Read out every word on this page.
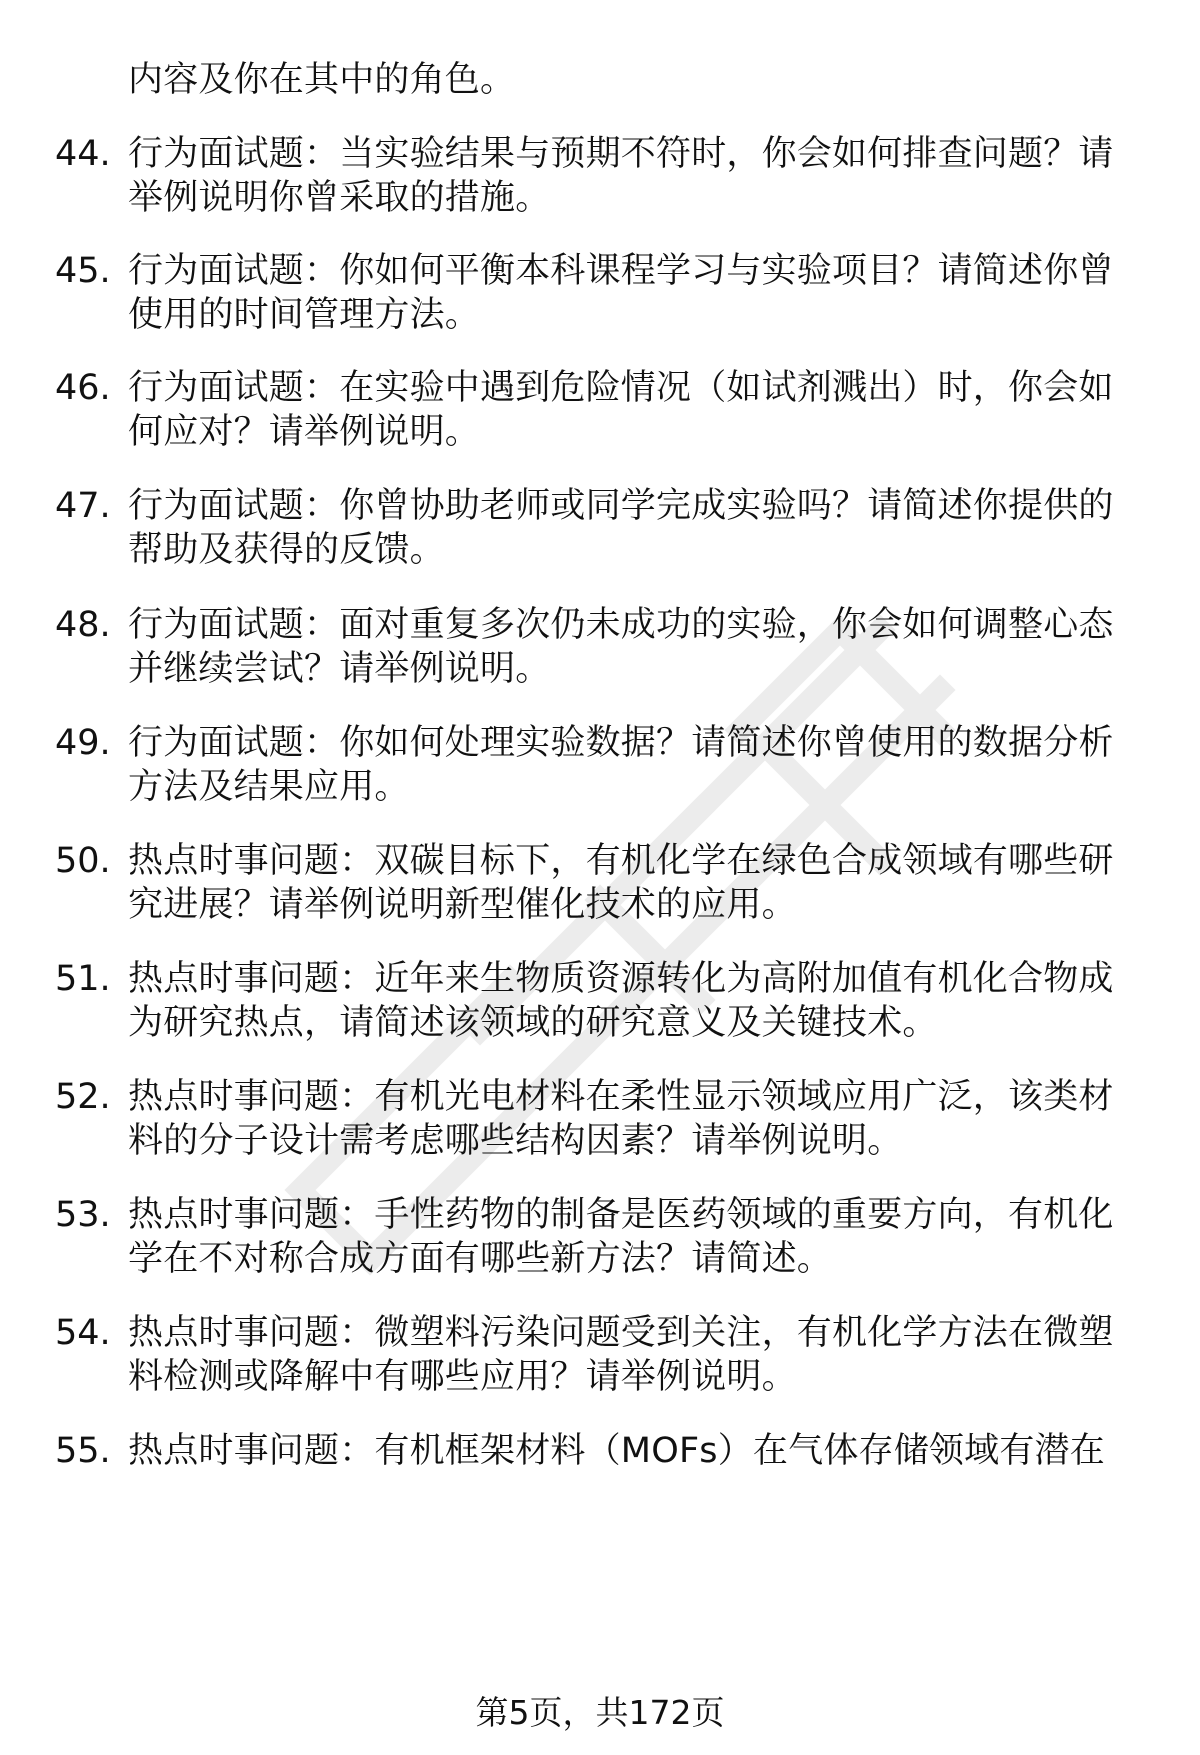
内容及你在其中的角色。
44. 行为面试题：当实验结果与预期不符时，你会如何排查问题？请
举例说明你曾采取的措施。
45. 行为面试题：你如何平衡本科课程学习与实验项目？请简述你曾
使用的时间管理方法。
46. 行为面试题：在实验中遇到危险情况（如试剂溅出）时，你会如
何应对？请举例说明。
47. 行为面试题：你曾协助老师或同学完成实验吗？请简述你提供的
帮助及获得的反馈。
48. 行为面试题：面对重复多次仍未成功的实验，你会如何调整心态
并继续尝试？请举例说明。
49. 行为面试题：你如何处理实验数据？请简述你曾使用的数据分析
方法及结果应用。
50. 热点时事问题：双碳目标下，有机化学在绿色合成领域有哪些研
究进展？请举例说明新型催化技术的应用。
51. 热点时事问题：近年来生物质资源转化为高附加值有机化合物成
为研究热点，请简述该领域的研究意义及关键技术。
52. 热点时事问题：有机光电材料在柔性显示领域应用广泛，该类材
料的分子设计需考虑哪些结构因素？请举例说明。
53. 热点时事问题：手性药物的制备是医药领域的重要方向，有机化
学在不对称合成方面有哪些新方法？请简述。
54. 热点时事问题：微塑料污染问题受到关注，有机化学方法在微塑
料检测或降解中有哪些应用？请举例说明。
55. 热点时事问题：有机框架材料（MOFs）在气体存储领域有潜在
第5页，共172页
